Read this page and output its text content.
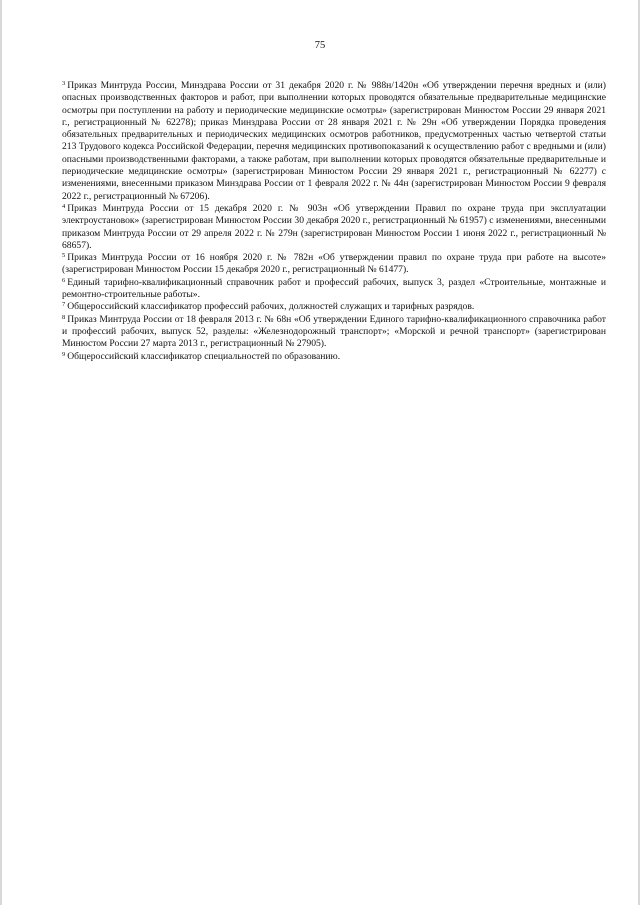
75

$^3$ Приказ Минтруда России, Минздрава России от 31 декабря 2020 г. № 988н/1420н «Об утверждении перечня вредных и (или) опасных производственных факторов и работ, при выполнении которых проводятся обязательные предварительные медицинские осмотры при поступлении на работу и периодические медицинские осмотры» (зарегистрирован Минюстом России 29 января 2021 г., регистрационный № 62278); приказ Минздрава России от 28 января 2021 г. № 29н «Об утверждении Порядка проведения обязательных предварительных и периодических медицинских осмотров работников, предусмотренных частью четвертой статьи 213 Трудового кодекса Российской Федерации, перечня медицинских противопоказаний к осуществлению работ с вредными и (или) опасными производственными факторами, а также работам, при выполнении которых проводятся обязательные предварительные и периодические медицинские осмотры» (зарегистрирован Минюстом России 29 января 2021 г., регистрационный № 62277) с изменениями, внесенными приказом Минздрава России от 1 февраля 2022 г. № 44н (зарегистрирован Минюстом России 9 февраля 2022 г., регистрационный № 67206).

$^4$ Приказ Минтруда России от 15 декабря 2020 г. № 903н «Об утверждении Правил по охране труда при эксплуатации электроустановок» (зарегистрирован Минюстом России 30 декабря 2020 г., регистрационный № 61957) с изменениями, внесенными приказом Минтруда России от 29 апреля 2022 г. № 279н (зарегистрирован Минюстом России 1 июня 2022 г., регистрационный № 68657).

$^5$ Приказ Минтруда России от 16 ноября 2020 г. № 782н «Об утверждении правил по охране труда при работе на высоте» (зарегистрирован Минюстом России 15 декабря 2020 г., регистрационный № 61477).

$^6$ Единый тарифно-квалификационный справочник работ и профессий рабочих, выпуск 3, раздел «Строительные, монтажные и ремонтно-строительные работы».

$^7$ Общероссийский классификатор профессий рабочих, должностей служащих и тарифных разрядов.

$^8$ Приказ Минтруда России от 18 февраля 2013 г. № 68н «Об утверждении Единого тарифно-квалификационного справочника работ и профессий рабочих, выпуск 52, разделы: «Железнодорожный транспорт»; «Морской и речной транспорт» (зарегистрирован Минюстом России 27 марта 2013 г., регистрационный № 27905).

$^9$ Общероссийский классификатор специальностей по образованию.
